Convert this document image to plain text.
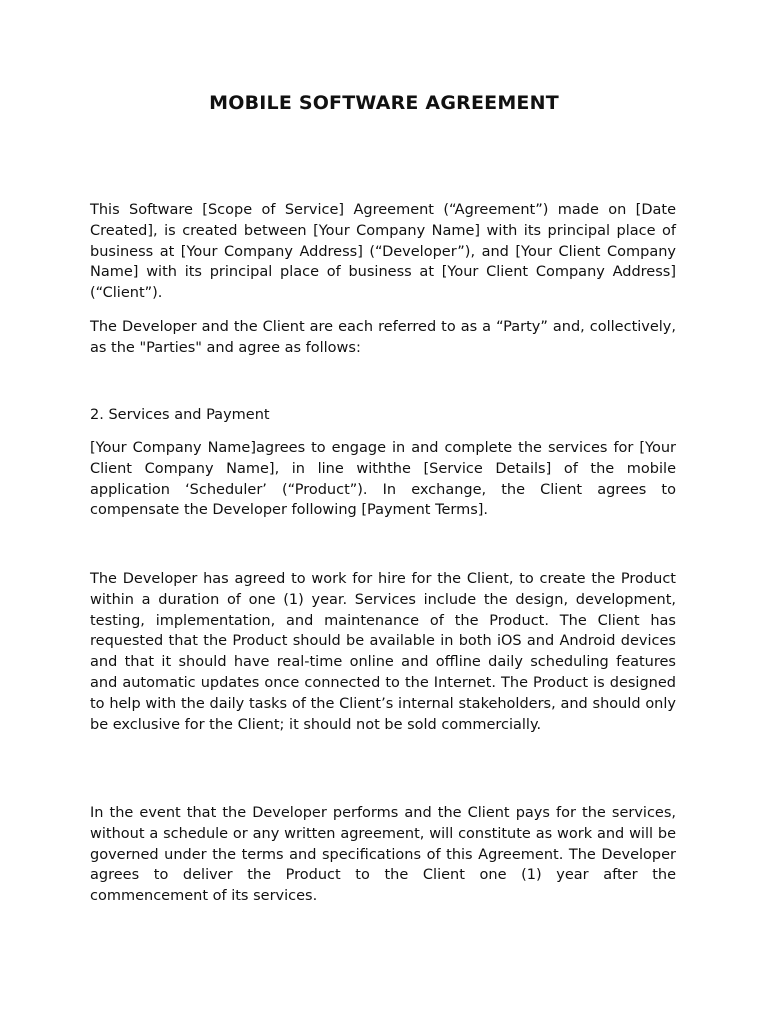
MOBILE SOFTWARE AGREEMENT

This Software [Scope of Service] Agreement (“Agreement”) made on [Date Created], is created between [Your Company Name] with its principal place of business at [Your Company Address] (“Developer”), and [Your Client Company Name] with its principal place of business at [Your Client Company Address] (“Client”).

The Developer and the Client are each referred to as a “Party” and, collectively, as the "Parties" and agree as follows:

2. Services and Payment

[Your Company Name]agrees to engage in and complete the services for [Your Client Company Name], in line withthe [Service Details] of the mobile application ‘Scheduler’ (“Product”). In exchange, the Client agrees to compensate the Developer following [Payment Terms].

The Developer has agreed to work for hire for the Client, to create the Product within a duration of one (1) year. Services include the design, development, testing, implementation, and maintenance of the Product. The Client has requested that the Product should be available in both iOS and Android devices and that it should have real-time online and offline daily scheduling features and automatic updates once connected to the Internet. The Product is designed to help with the daily tasks of the Client’s internal stakeholders, and should only be exclusive for the Client; it should not be sold commercially.

In the event that the Developer performs and the Client pays for the services, without a schedule or any written agreement, will constitute as work and will be governed under the terms and specifications of this Agreement. The Developer agrees to deliver the Product to the Client one (1) year after the commencement of its services.
